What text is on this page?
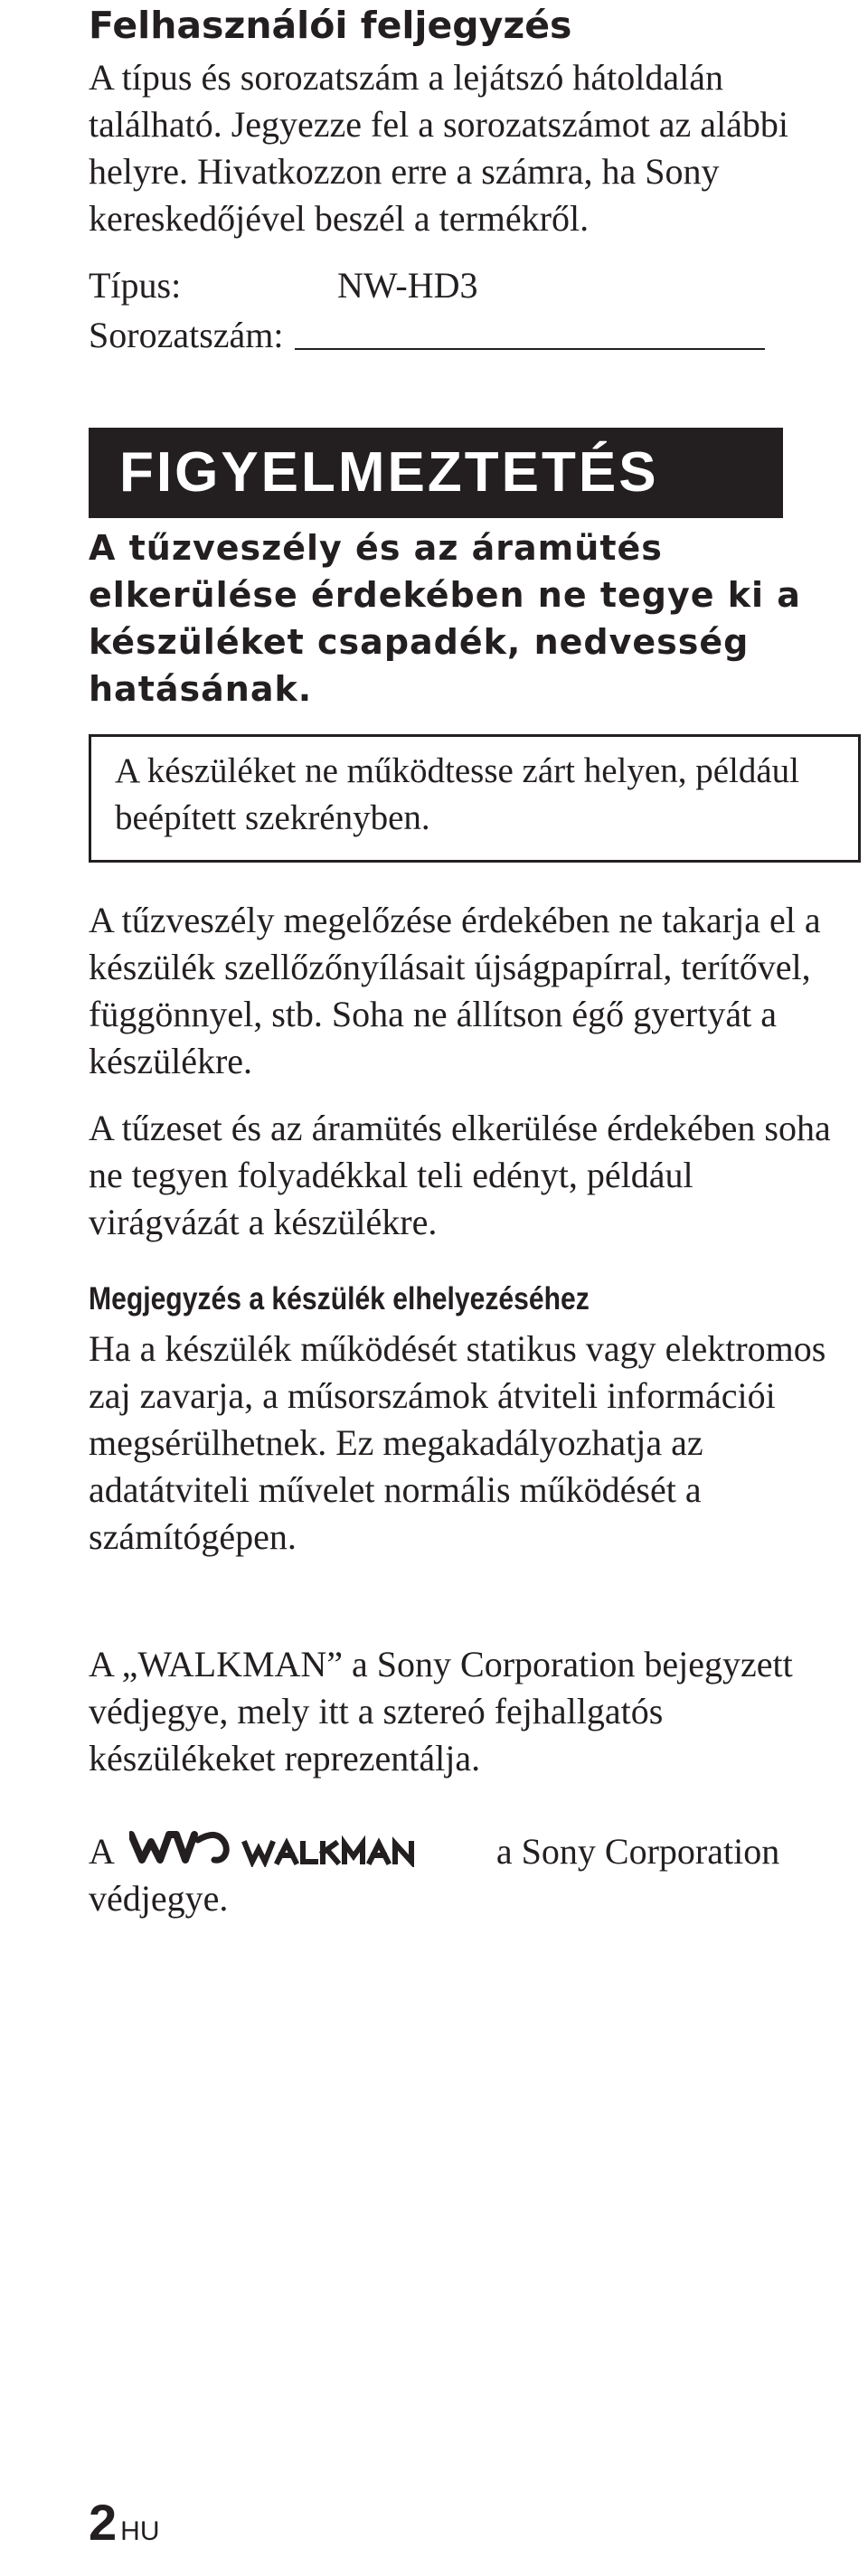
Felhasználói feljegyzés

A típus és sorozatszám a lejátszó hátoldalán található. Jegyezze fel a sorozatszámot az alábbi helyre. Hivatkozzon erre a számra, ha Sony kereskedőjével beszél a termékről.

Típus:	NW-HD3
Sorozatszám:
FIGYELMEZTETÉS

A tűzveszély és az áramütés elkerülése érdekében ne tegye ki a készüléket csapadék, nedvesség hatásának.

A készüléket ne működtesse zárt helyen, például beépített szekrényben.

A tűzveszély megelőzése érdekében ne takarja el a készülék szellőzőnyílásait újságpapírral, terítővel, függönnyel, stb. Soha ne állítson égő gyertyát a készülékre.

A tűzeset és az áramütés elkerülése érdekében soha ne tegyen folyadékkal teli edényt, például virágvázát a készülékre.

Megjegyzés a készülék elhelyezéséhez

Ha a készülék működését statikus vagy elektromos zaj zavarja, a műsorszámok átviteli információi megsérülhetnek. Ez megakadályozhatja az adatátviteli művelet normális működését a számítógépen.

A „WALKMAN” a Sony Corporation bejegyzett védjegye, mely itt a sztereó fejhallgatós készülékeket reprezentálja.

A	a Sony Corporation
védjegye.
2 HU
